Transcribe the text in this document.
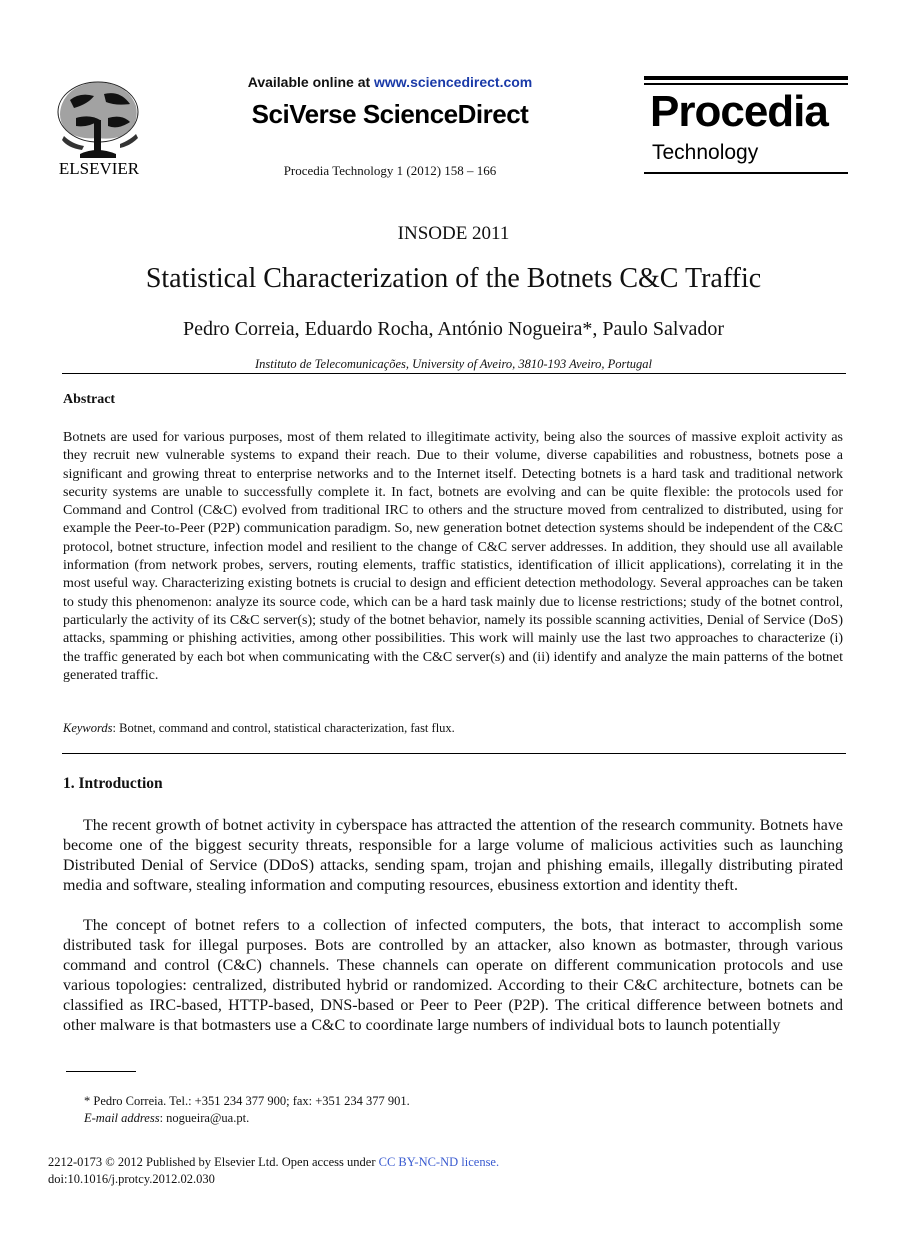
ELSEVIER
Available online at www.sciencedirect.com
SciVerse ScienceDirect
Procedia Technology 1 (2012) 158 – 166
Procedia
Technology
INSODE 2011
Statistical Characterization of the Botnets C&C Traffic
Pedro Correia, Eduardo Rocha, António Nogueira*, Paulo Salvador
Instituto de Telecomunicações, University of Aveiro, 3810-193 Aveiro, Portugal
Abstract

Botnets are used for various purposes, most of them related to illegitimate activity, being also the sources of massive exploit activity as they recruit new vulnerable systems to expand their reach. Due to their volume, diverse capabilities and robustness, botnets pose a significant and growing threat to enterprise networks and to the Internet itself. Detecting botnets is a hard task and traditional network security systems are unable to successfully complete it. In fact, botnets are evolving and can be quite flexible: the protocols used for Command and Control (C&C) evolved from traditional IRC to others and the structure moved from centralized to distributed, using for example the Peer-to-Peer (P2P) communication paradigm. So, new generation botnet detection systems should be independent of the C&C protocol, botnet structure, infection model and resilient to the change of C&C server addresses. In addition, they should use all available information (from network probes, servers, routing elements, traffic statistics, identification of illicit applications), correlating it in the most useful way. Characterizing existing botnets is crucial to design and efficient detection methodology. Several approaches can be taken to study this phenomenon: analyze its source code, which can be a hard task mainly due to license restrictions; study of the botnet control, particularly the activity of its C&C server(s); study of the botnet behavior, namely its possible scanning activities, Denial of Service (DoS) attacks, spamming or phishing activities, among other possibilities. This work will mainly use the last two approaches to characterize (i) the traffic generated by each bot when communicating with the C&C server(s) and (ii) identify and analyze the main patterns of the botnet generated traffic.

Keywords: Botnet, command and control, statistical characterization, fast flux.
1. Introduction

The recent growth of botnet activity in cyberspace has attracted the attention of the research community. Botnets have become one of the biggest security threats, responsible for a large volume of malicious activities such as launching Distributed Denial of Service (DDoS) attacks, sending spam, trojan and phishing emails, illegally distributing pirated media and software, stealing information and computing resources, ebusiness extortion and identity theft.

The concept of botnet refers to a collection of infected computers, the bots, that interact to accomplish some distributed task for illegal purposes. Bots are controlled by an attacker, also known as botmaster, through various command and control (C&C) channels. These channels can operate on different communication protocols and use various topologies: centralized, distributed hybrid or randomized. According to their C&C architecture, botnets can be classified as IRC-based, HTTP-based, DNS-based or Peer to Peer (P2P). The critical difference between botnets and other malware is that botmasters use a C&C to coordinate large numbers of individual bots to launch potentially

* Pedro Correia. Tel.: +351 234 377 900; fax: +351 234 377 901.
E-mail address: nogueira@ua.pt.
2212-0173 © 2012 Published by Elsevier Ltd. Open access under CC BY-NC-ND license.
doi:10.1016/j.protcy.2012.02.030
